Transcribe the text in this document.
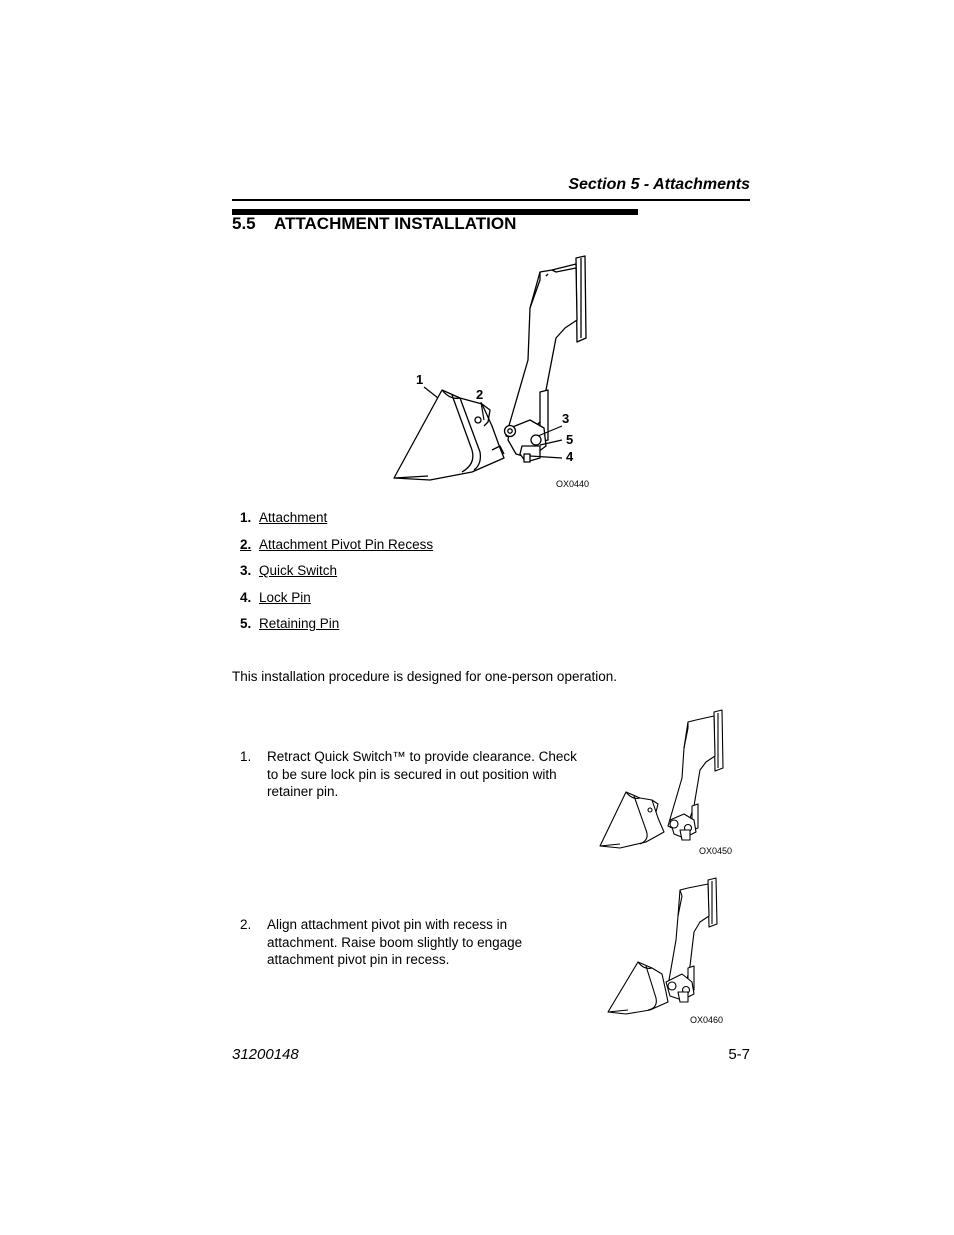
Section 5 - Attachments
5.5 ATTACHMENT INSTALLATION
1
2
3
5
4
OX0440
1. Attachment
2. Attachment Pivot Pin Recess
3. Quick Switch
4. Lock Pin
5. Retaining Pin
This installation procedure is designed for one-person operation.
1. Retract Quick Switch™ to provide clearance. Check to be sure lock pin is secured in out position with retainer pin.
OX0450
2. Align attachment pivot pin with recess in attachment. Raise boom slightly to engage attachment pivot pin in recess.
OX0460
31200148	5-7
